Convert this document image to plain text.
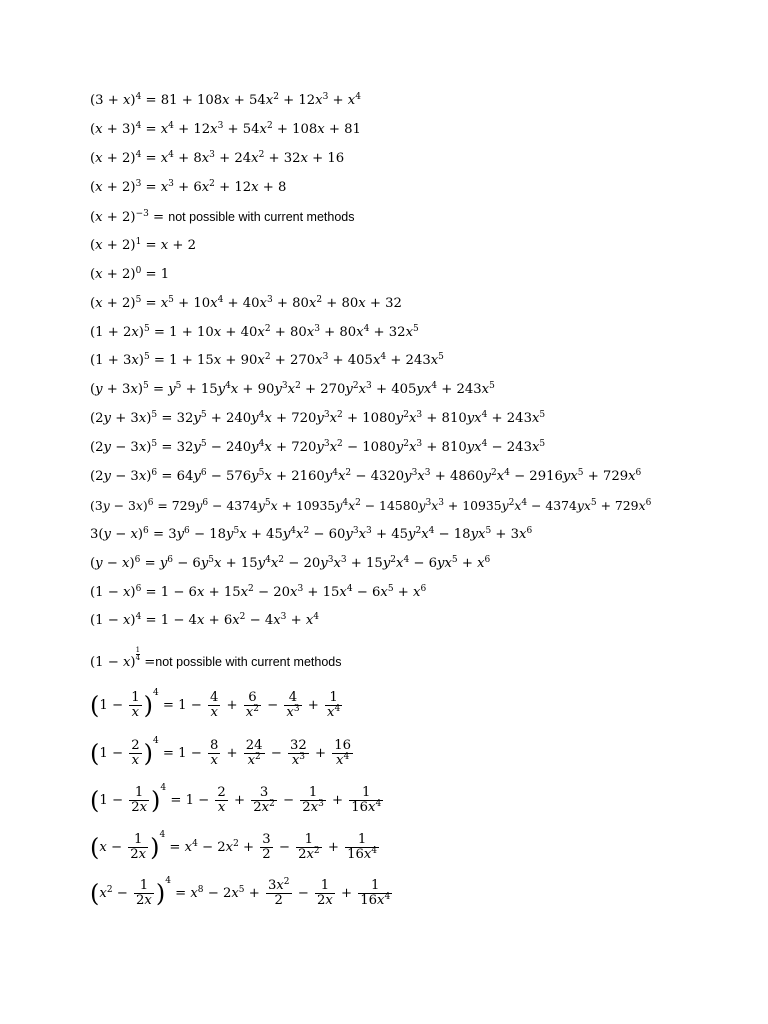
$(3 + x)^4 = 81 + 108x + 54x^2 + 12x^3 + x^4$
$(x + 3)^4 = x^4 + 12x^3 + 54x^2 + 108x + 81$
$(x + 2)^4 = x^4 + 8x^3 + 24x^2 + 32x + 16$
$(x + 2)^3 = x^3 + 6x^2 + 12x + 8$
$(x + 2)^{-3}$ = not possible with current methods
$(x + 2)^1 = x + 2$
$(x + 2)^0 = 1$
$(x + 2)^5 = x^5 + 10x^4 + 40x^3 + 80x^2 + 80x + 32$
$(1 + 2x)^5 = 1 + 10x + 40x^2 + 80x^3 + 80x^4 + 32x^5$
$(1 + 3x)^5 = 1 + 15x + 90x^2 + 270x^3 + 405x^4 + 243x^5$
$(y + 3x)^5 = y^5 + 15y^4x + 90y^3x^2 + 270y^2x^3 + 405yx^4 + 243x^5$
$(2y + 3x)^5 = 32y^5 + 240y^4x + 720y^3x^2 + 1080y^2x^3 + 810yx^4 + 243x^5$
$(2y - 3x)^5 = 32y^5 - 240y^4x + 720y^3x^2 - 1080y^2x^3 + 810yx^4 - 243x^5$
$(2y - 3x)^6 = 64y^6 - 576y^5x + 2160y^4x^2 - 4320y^3x^3 + 4860y^2x^4 - 2916yx^5 + 729x^6$
$(3y - 3x)^6 = 729y^6 - 4374y^5x + 10935y^4x^2 - 14580y^3x^3 + 10935y^2x^4 - 4374yx^5 + 729x^6$
$3(y - x)^6 = 3y^6 - 18y^5x + 45y^4x^2 - 60y^3x^3 + 45y^2x^4 - 18yx^5 + 3x^6$
$(y - x)^6 = y^6 - 6y^5x + 15y^4x^2 - 20y^3x^3 + 15y^2x^4 - 6yx^5 + x^6$
$(1 - x)^6 = 1 - 6x + 15x^2 - 20x^3 + 15x^4 - 6x^5 + x^6$
$(1 - x)^4 = 1 - 4x + 6x^2 - 4x^3 + x^4$
$(1 - x)\frac{1}{4}$
=not possible with current methods
$(1 - \frac{1}{x} )^4 = 1 - \frac{4}{x} + \frac{6}{x^2} - \frac{4}{x^3} + \frac{1}{x^4}$
$(1 - \frac{2}{x} )^4 = 1 - \frac{8}{x} + \frac{24}{x^2} - \frac{32}{x^3} + \frac{16}{x^4}$
$(1 - \frac{1}{2x} )^4 = 1 - \frac{2}{x} + \frac{3}{2x^2} - \frac{1}{2x^3} + \frac{1}{16x^4}$
$(x - \frac{1}{2x} )^4 = x^4 - 2x^2 + \frac{3}{2} - \frac{1}{2x^2} + \frac{1}{16x^4}$
$(x^2 - \frac{1}{2x} )^4 = x^8 - 2x^5 + \frac{3x^2}{2} - \frac{1}{2x} + \frac{1}{16x^4}$
